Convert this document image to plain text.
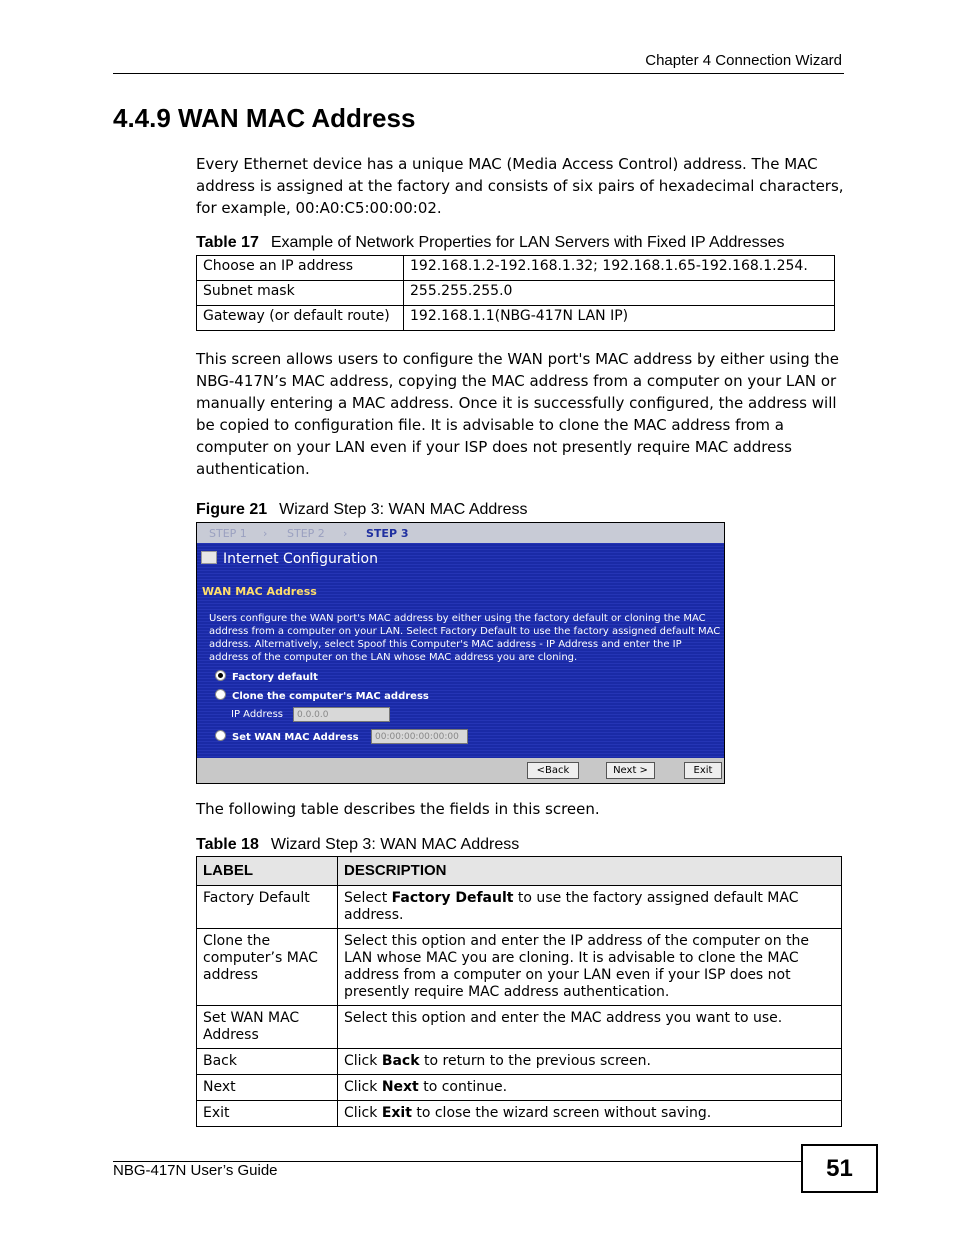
Chapter 4 Connection Wizard
4.4.9 WAN MAC Address

Every Ethernet device has a unique MAC (Media Access Control) address. The MAC address is assigned at the factory and consists of six pairs of hexadecimal characters, for example, 00:A0:C5:00:00:02.

Table 17 Example of Network Properties for LAN Servers with Fixed IP Addresses
Choose an IP address	192.168.1.2-192.168.1.32; 192.168.1.65-192.168.1.254.
Subnet mask	255.255.255.0
Gateway (or default route)	192.168.1.1(NBG-417N LAN IP)

This screen allows users to configure the WAN port's MAC address by either using the NBG-417N’s MAC address, copying the MAC address from a computer on your LAN or manually entering a MAC address. Once it is successfully configured, the address will be copied to configuration file. It is advisable to clone the MAC address from a computer on your LAN even if your ISP does not presently require MAC address authentication.

Figure 21 Wizard Step 3: WAN MAC Address
STEP 1 › STEP 2 › STEP 3
Internet Configuration
WAN MAC Address
Users configure the WAN port's MAC address by either using the factory default or cloning the MAC address from a computer on your LAN. Select Factory Default to use the factory assigned default MAC address. Alternatively, select Spoof this Computer's MAC address - IP Address and enter the IP address of the computer on the LAN whose MAC address you are cloning.
Factory default
Clone the computer's MAC address
IP Address	0.0.0.0
Set WAN MAC Address	00:00:00:00:00:00
<Back	Next >	Exit

The following table describes the fields in this screen.

Table 18 Wizard Step 3: WAN MAC Address
LABEL	DESCRIPTION
Factory Default	Select Factory Default to use the factory assigned default MAC address.
Clone the computer’s MAC address	Select this option and enter the IP address of the computer on the LAN whose MAC you are cloning. It is advisable to clone the MAC address from a computer on your LAN even if your ISP does not presently require MAC address authentication.
Set WAN MAC Address	Select this option and enter the MAC address you want to use.
Back	Click Back to return to the previous screen.
Next	Click Next to continue.
Exit	Click Exit to close the wizard screen without saving.
NBG-417N User’s Guide	51
